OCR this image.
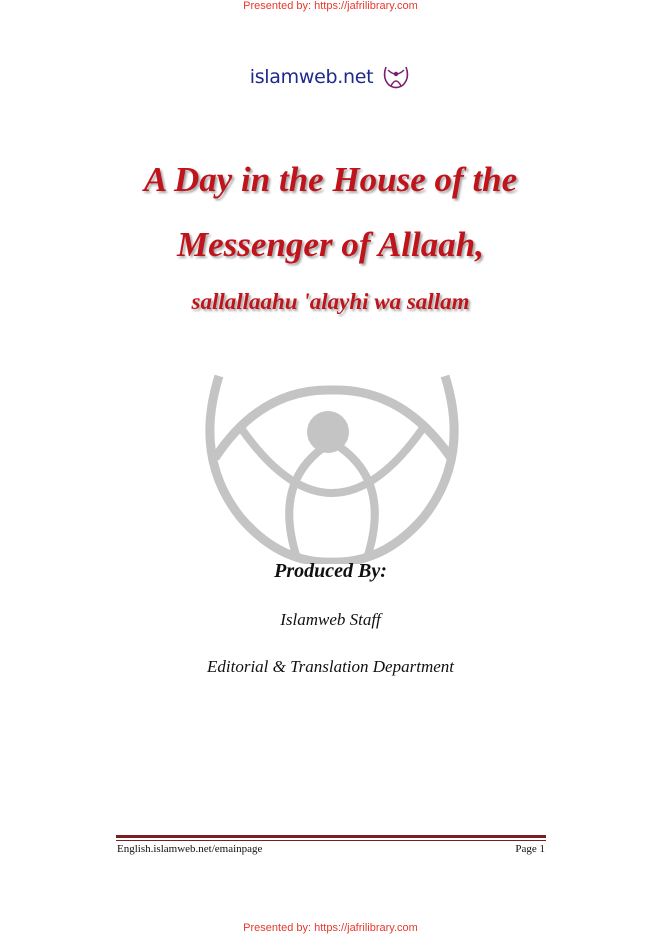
Presented by: https://jafrilibrary.com
islamweb.net
A Day in the House of the
Messenger of Allaah,
sallallaahu 'alayhi wa sallam
Produced By:
Islamweb Staff
Editorial & Translation Department
English.islamweb.net/emainpage	Page 1
Presented by: https://jafrilibrary.com
